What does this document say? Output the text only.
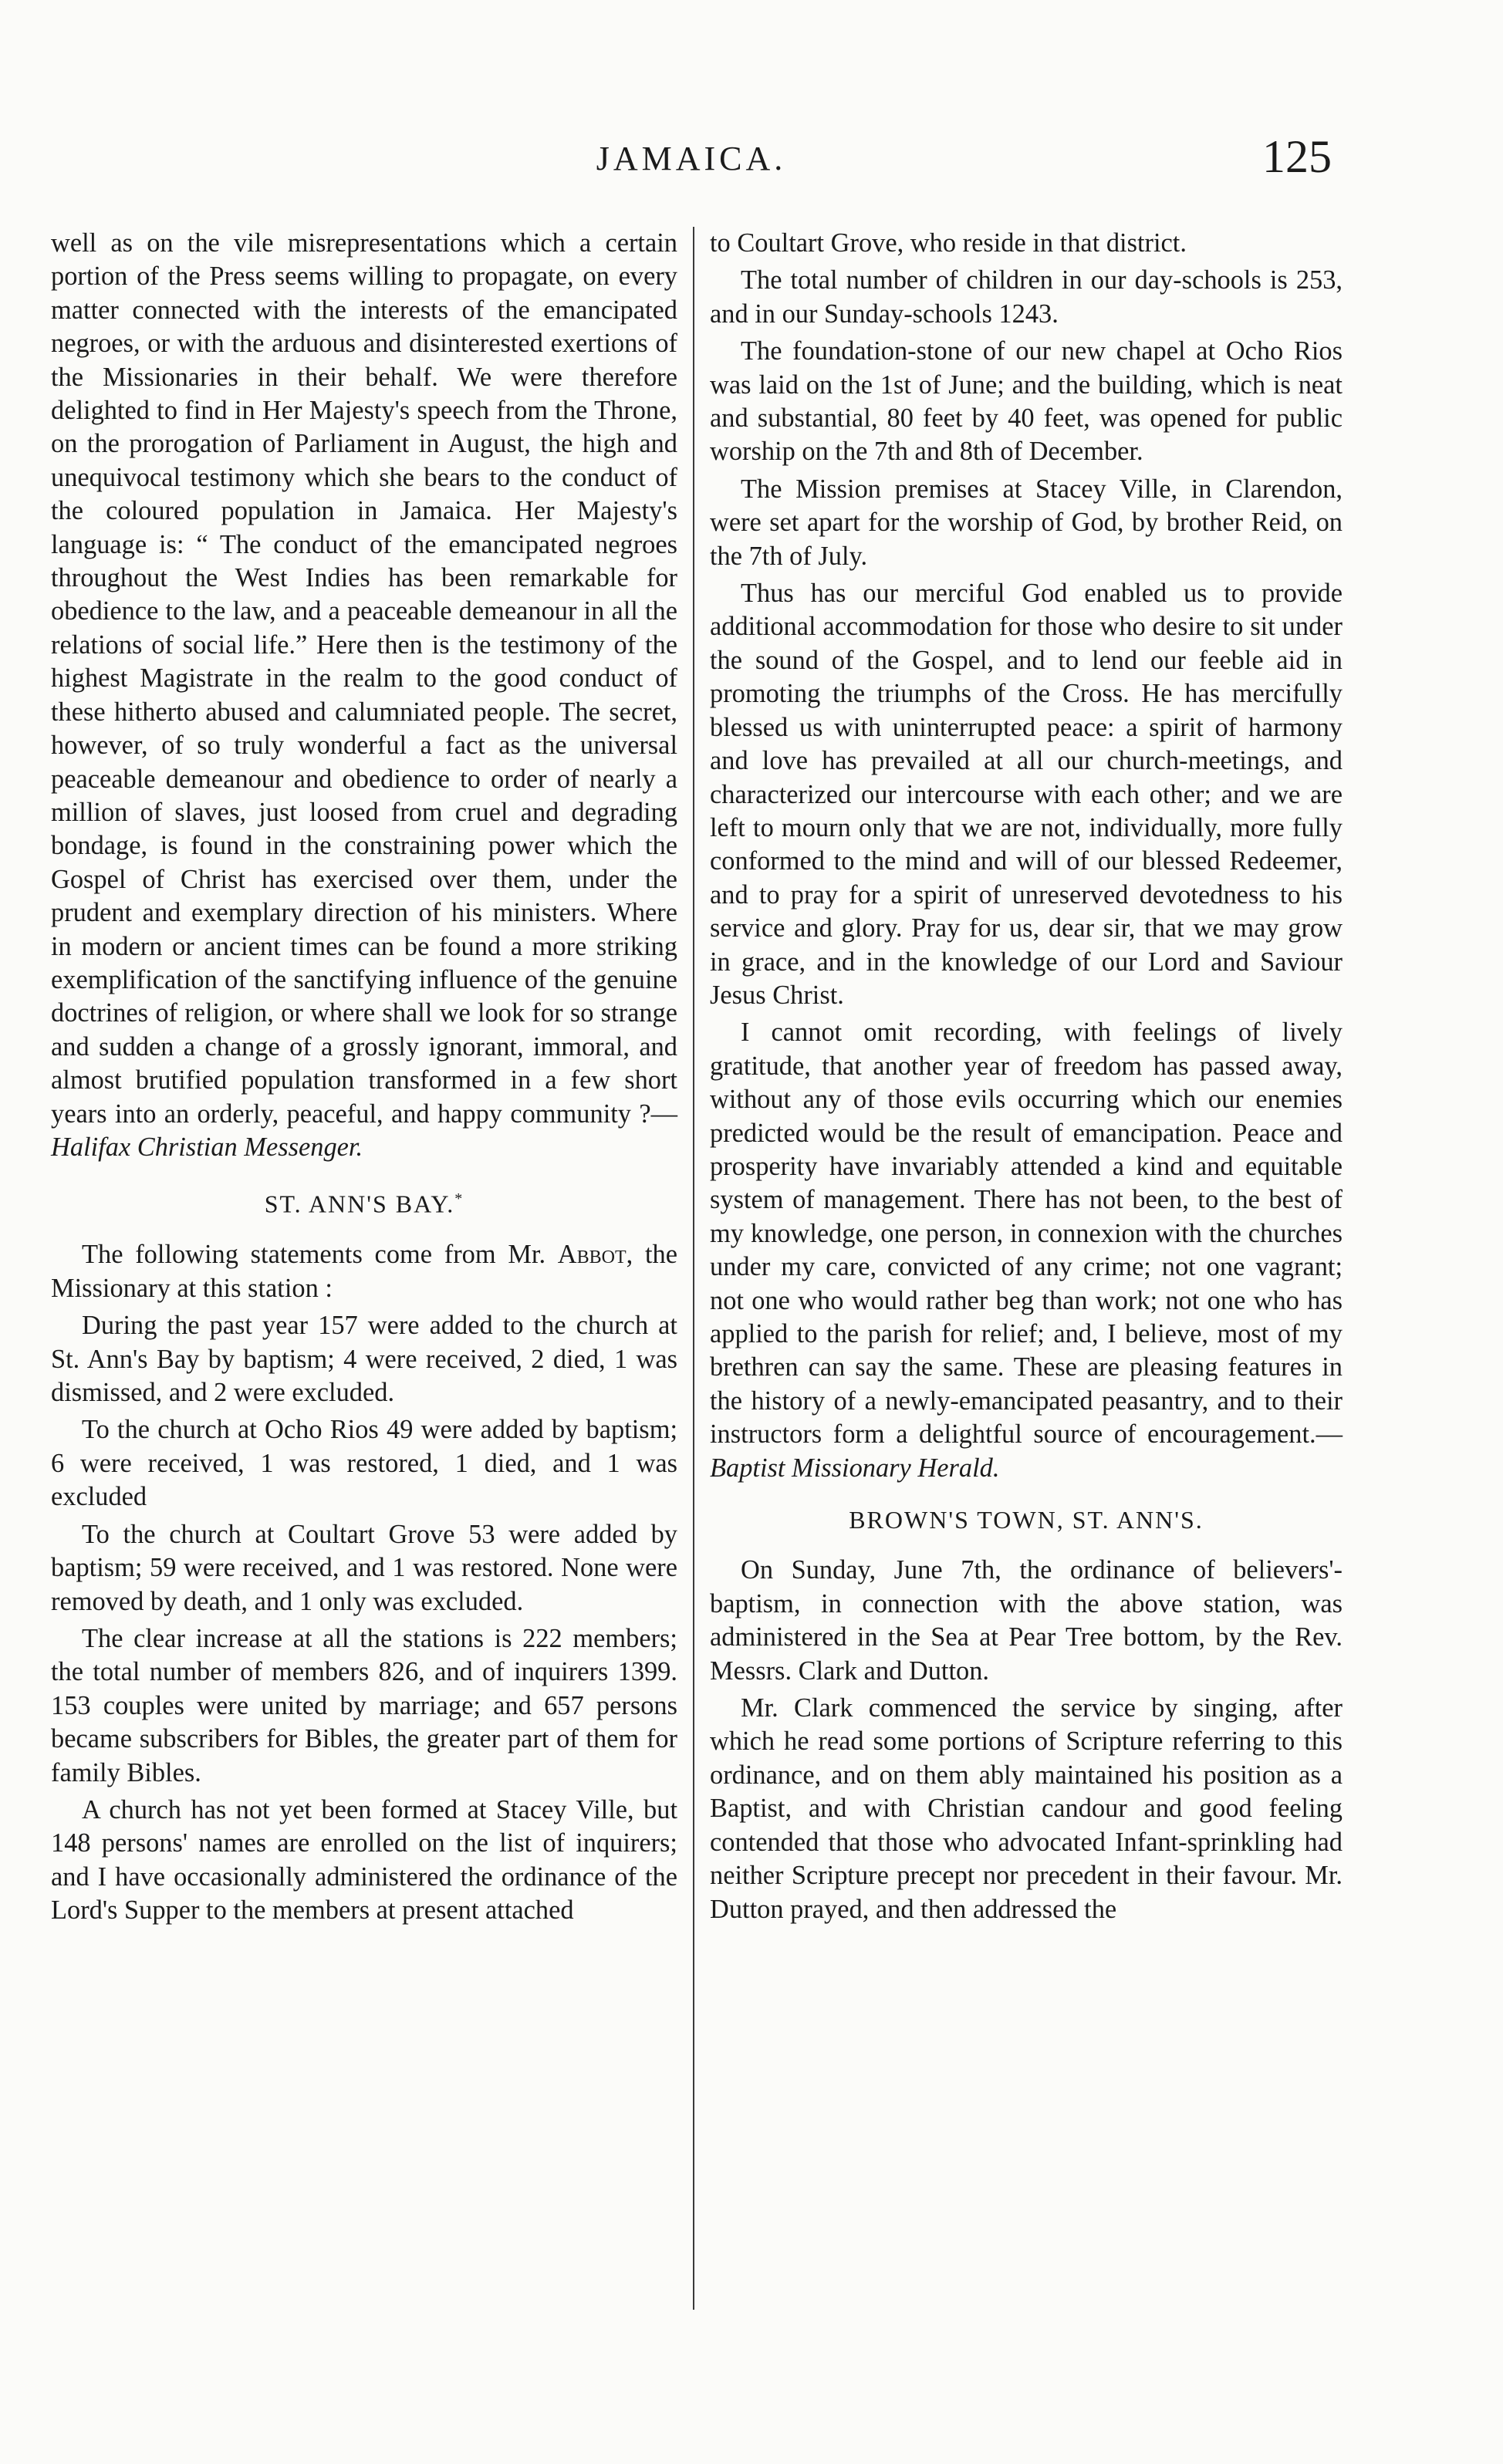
JAMAICA.	125

well as on the vile misrepresentations which a certain portion of the Press seems willing to propagate, on every matter connected with the interests of the emancipated negroes, or with the arduous and disinterested exertions of the Missionaries in their behalf. We were therefore delighted to find in Her Majesty's speech from the Throne, on the prorogation of Parliament in August, the high and unequivocal testimony which she bears to the conduct of the coloured population in Jamaica. Her Majesty's language is: “ The conduct of the emancipated negroes throughout the West Indies has been remarkable for obedience to the law, and a peaceable demeanour in all the relations of social life.” Here then is the testimony of the highest Magistrate in the realm to the good conduct of these hitherto abused and calumniated people. The secret, however, of so truly wonderful a fact as the universal peaceable demeanour and obedience to order of nearly a million of slaves, just loosed from cruel and degrading bondage, is found in the constraining power which the Gospel of Christ has exercised over them, under the prudent and exemplary direction of his ministers. Where in modern or ancient times can be found a more striking exemplification of the sanctifying influence of the genuine doctrines of religion, or where shall we look for so strange and sudden a change of a grossly ignorant, immoral, and almost brutified population transformed in a few short years into an orderly, peaceful, and happy community ?—Halifax Christian Messenger.

ST. ANN'S BAY.*

The following statements come from Mr. Abbot, the Missionary at this station :

During the past year 157 were added to the church at St. Ann's Bay by baptism; 4 were received, 2 died, 1 was dismissed, and 2 were excluded.

To the church at Ocho Rios 49 were added by baptism; 6 were received, 1 was restored, 1 died, and 1 was excluded

To the church at Coultart Grove 53 were added by baptism; 59 were received, and 1 was restored. None were removed by death, and 1 only was excluded.

The clear increase at all the stations is 222 members; the total number of members 826, and of inquirers 1399. 153 couples were united by marriage; and 657 persons became subscribers for Bibles, the greater part of them for family Bibles.

A church has not yet been formed at Stacey Ville, but 148 persons' names are enrolled on the list of inquirers; and I have occasionally administered the ordinance of the Lord's Supper to the members at present attached

to Coultart Grove, who reside in that district.

The total number of children in our day-schools is 253, and in our Sunday-schools 1243.

The foundation-stone of our new chapel at Ocho Rios was laid on the 1st of June; and the building, which is neat and substantial, 80 feet by 40 feet, was opened for public worship on the 7th and 8th of December.

The Mission premises at Stacey Ville, in Clarendon, were set apart for the worship of God, by brother Reid, on the 7th of July.

Thus has our merciful God enabled us to provide additional accommodation for those who desire to sit under the sound of the Gospel, and to lend our feeble aid in promoting the triumphs of the Cross. He has mercifully blessed us with uninterrupted peace: a spirit of harmony and love has prevailed at all our church-meetings, and characterized our intercourse with each other; and we are left to mourn only that we are not, individually, more fully conformed to the mind and will of our blessed Redeemer, and to pray for a spirit of unreserved devotedness to his service and glory. Pray for us, dear sir, that we may grow in grace, and in the knowledge of our Lord and Saviour Jesus Christ.

I cannot omit recording, with feelings of lively gratitude, that another year of freedom has passed away, without any of those evils occurring which our enemies predicted would be the result of emancipation. Peace and prosperity have invariably attended a kind and equitable system of management. There has not been, to the best of my knowledge, one person, in connexion with the churches under my care, convicted of any crime; not one vagrant; not one who would rather beg than work; not one who has applied to the parish for relief; and, I believe, most of my brethren can say the same. These are pleasing features in the history of a newly-emancipated peasantry, and to their instructors form a delightful source of encouragement.—Baptist Missionary Herald.

BROWN'S TOWN, ST. ANN'S.

On Sunday, June 7th, the ordinance of believers'-baptism, in connection with the above station, was administered in the Sea at Pear Tree bottom, by the Rev. Messrs. Clark and Dutton.

Mr. Clark commenced the service by singing, after which he read some portions of Scripture referring to this ordinance, and on them ably maintained his position as a Baptist, and with Christian candour and good feeling contended that those who advocated Infant-sprinkling had neither Scripture precept nor precedent in their favour. Mr. Dutton prayed, and then addressed the
